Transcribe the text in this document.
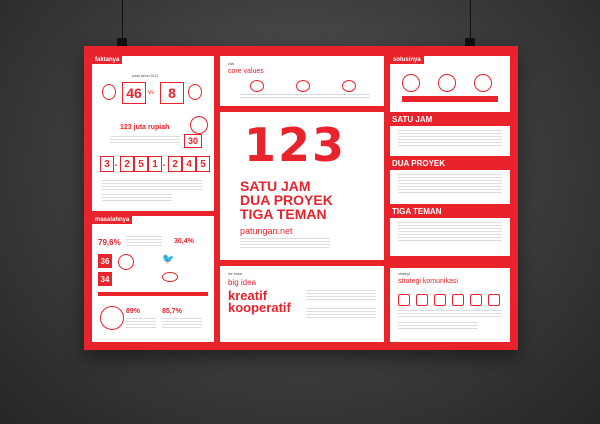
faktanya
pada tahun 2013
46	vs	8
123 juta rupiah
30
3 . 2 5 1 . 2 4 5
masalahnya
79,6%	30,4%
36	🐦
34
89%	85,7%
nilai
core values
123
SATU JAM
DUA PROYEK
TIGA TEMAN
patungan.net
ide besar
big idea
kreatif
kooperatif
solusinya
SATU JAM
DUA PROYEK
TIGA TEMAN
strategi
strategi komunikasi
